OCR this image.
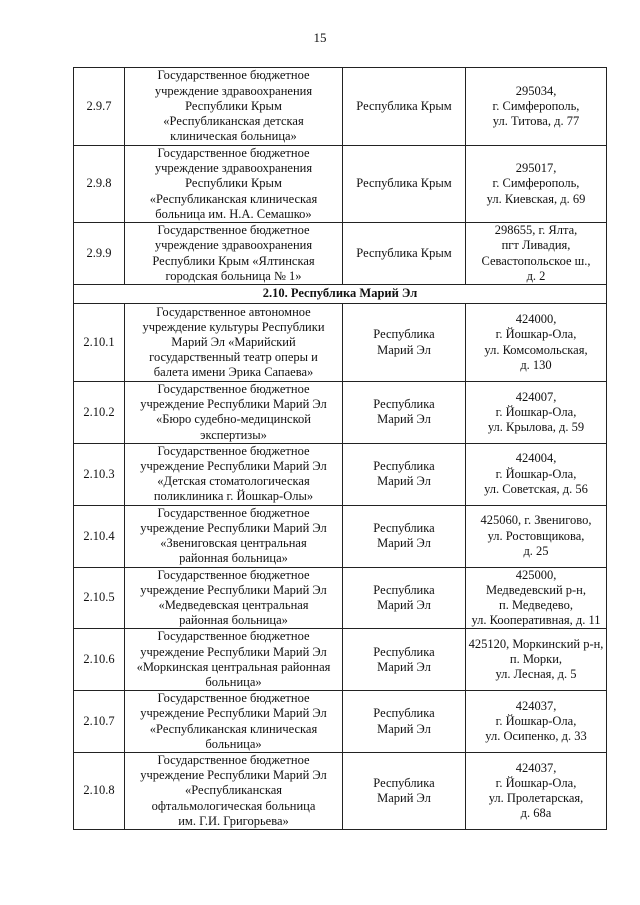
15
2.9.7	Государственное бюджетное
учреждение здравоохранения
Республики Крым
«Республиканская детская
клиническая больница»	Республика Крым	295034,
г. Симферополь,
ул. Титова, д. 77

2.9.8	Государственное бюджетное
учреждение здравоохранения
Республики Крым
«Республиканская клиническая
больница им. Н.А. Семашко»	Республика Крым	295017,
г. Симферополь,
ул. Киевская, д. 69

2.9.9	Государственное бюджетное
учреждение здравоохранения
Республики Крым «Ялтинская
городская больница № 1»	Республика Крым	298655, г. Ялта,
пгт Ливадия,
Севастопольское ш.,
д. 2

2.10. Республика Марий Эл			
2.10.1	Государственное автономное
учреждение культуры Республики
Марий Эл «Марийский
государственный театр оперы и
балета имени Эрика Сапаева»	Республика
Марий Эл	424000,
г. Йошкар-Ола,
ул. Комсомольская,
д. 130

2.10.2	Государственное бюджетное
учреждение Республики Марий Эл
«Бюро судебно-медицинской
экспертизы»	Республика
Марий Эл	424007,
г. Йошкар-Ола,
ул. Крылова, д. 59

2.10.3	Государственное бюджетное
учреждение Республики Марий Эл
«Детская стоматологическая
поликлиника г. Йошкар-Олы»	Республика
Марий Эл	424004,
г. Йошкар-Ола,
ул. Советская, д. 56

2.10.4	Государственное бюджетное
учреждение Республики Марий Эл
«Звениговская центральная
районная больница»	Республика
Марий Эл	425060, г. Звенигово,
ул. Ростовщикова,
д. 25

2.10.5	Государственное бюджетное
учреждение Республики Марий Эл
«Медведевская центральная
районная больница»	Республика
Марий Эл	425000,
Медведевский р-н,
п. Медведево,
ул. Кооперативная, д. 11

2.10.6	Государственное бюджетное
учреждение Республики Марий Эл
«Моркинская центральная районная
больница»	Республика
Марий Эл	425120, Моркинский р-н,
п. Морки,
ул. Лесная, д. 5

2.10.7	Государственное бюджетное
учреждение Республики Марий Эл
«Республиканская клиническая
больница»	Республика
Марий Эл	424037,
г. Йошкар-Ола,
ул. Осипенко, д. 33

2.10.8	Государственное бюджетное
учреждение Республики Марий Эл
«Республиканская
офтальмологическая больница
им. Г.И. Григорьева»	Республика
Марий Эл	424037,
г. Йошкар-Ола,
ул. Пролетарская,
д. 68а
